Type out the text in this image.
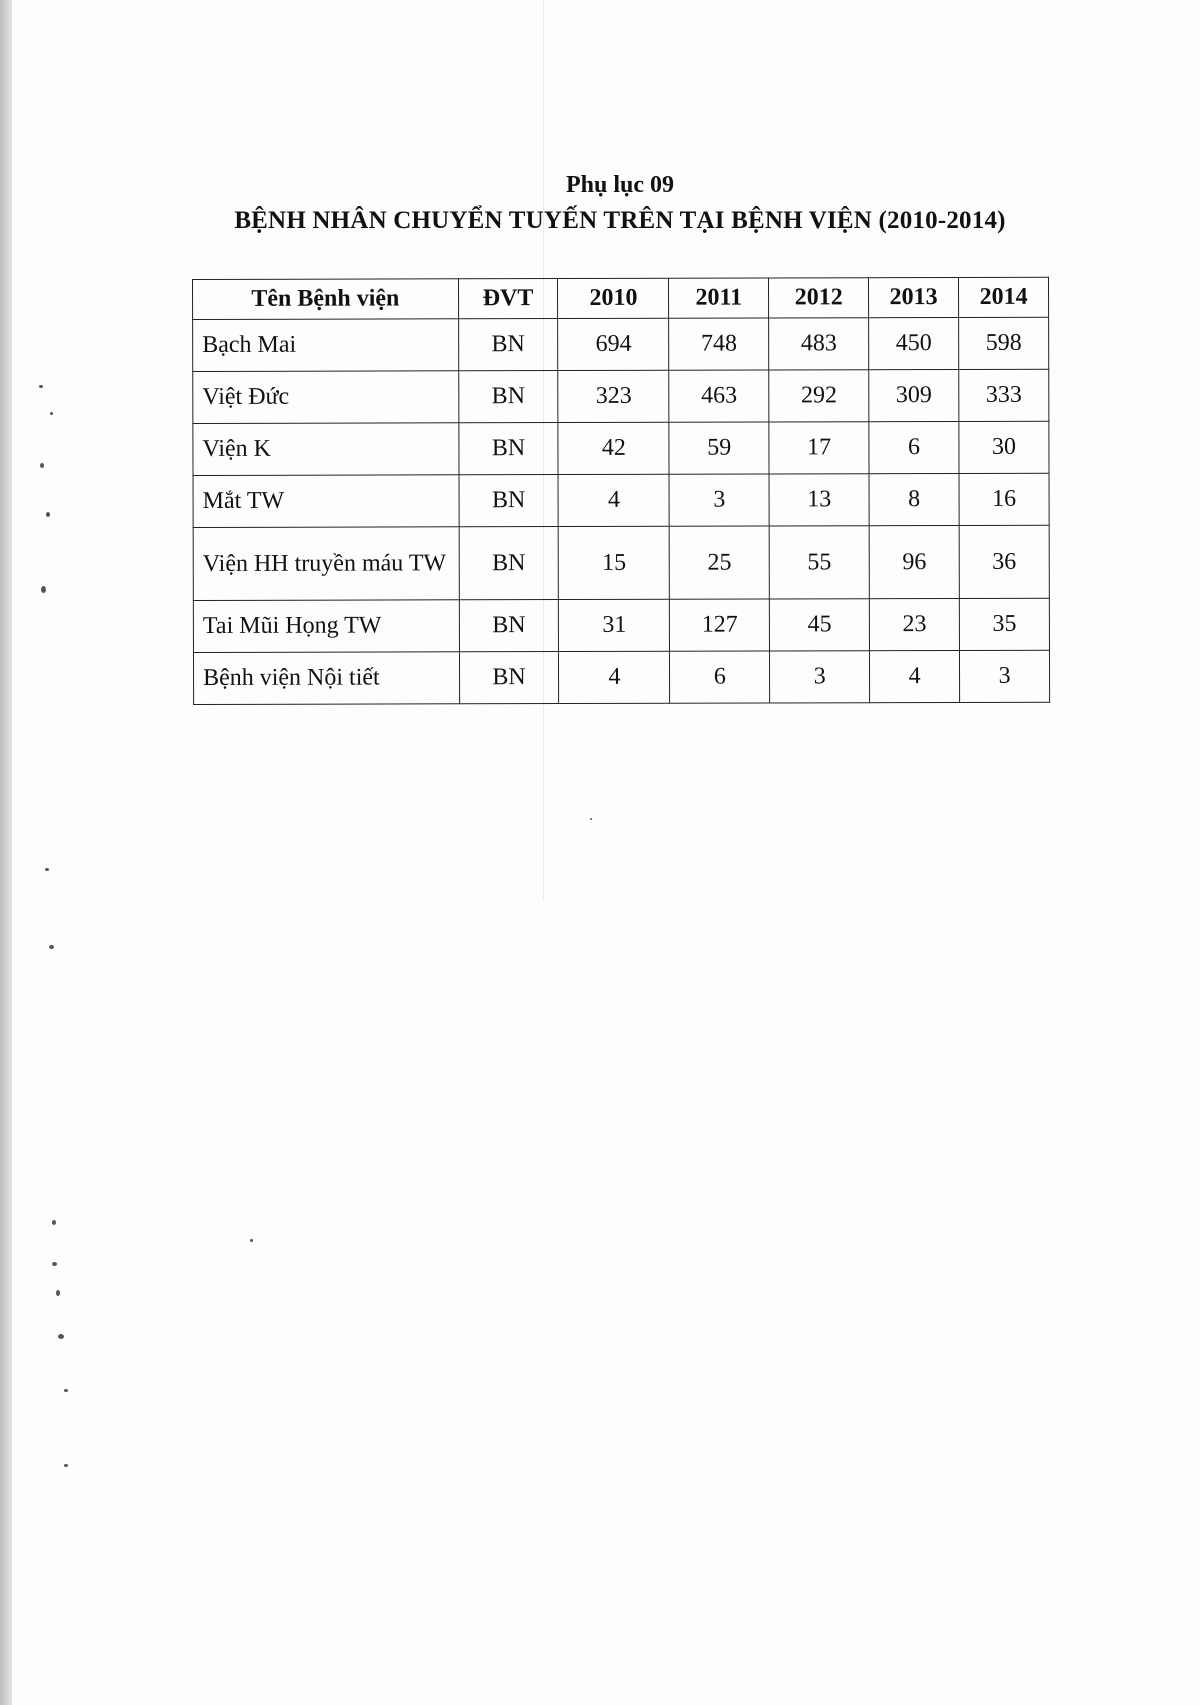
Phụ lục 09
BỆNH NHÂN CHUYỂN TUYẾN TRÊN TẠI BỆNH VIỆN (2010-2014)
Tên Bệnh viện	ĐVT	2010	2011	2012	2013	2014
Bạch Mai	BN	694	748	483	450	598
Việt Đức	BN	323	463	292	309	333
Viện K	BN	42	59	17	6	30
Mắt TW	BN	4	3	13	8	16
Viện HH truyền máu TW	BN	15	25	55	96	36
Tai Mũi Họng TW	BN	31	127	45	23	35
Bệnh viện Nội tiết	BN	4	6	3	4	3
